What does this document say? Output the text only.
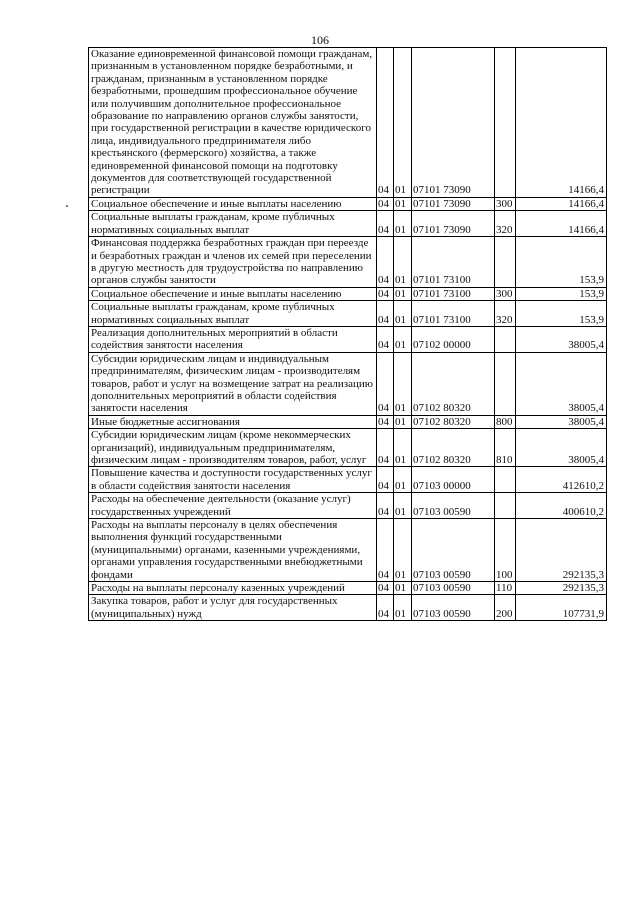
106
Оказание единовременной финансовой помощи гражданам, признанным в установленном порядке безработными, и гражданам, признанным в установленном порядке безработными, прошедшим профессиональное обучение или получившим дополнительное профессиональное образование по направлению органов службы занятости, при государственной регистрации в качестве юридического лица, индивидуального предпринимателя либо крестьянского (фермерского) хозяйства, а также единовременной финансовой помощи на подготовку документов для соответствующей государственной регистрации	04	01	07101 73090		14166,4
Социальное обеспечение и иные выплаты населению	04	01	07101 73090	300	14166,4
Социальные выплаты гражданам, кроме публичных нормативных социальных выплат	04	01	07101 73090	320	14166,4
Финансовая поддержка безработных граждан при переезде и безработных граждан и членов их семей при переселении в другую местность для трудоустройства по направлению органов службы занятости	04	01	07101 73100		153,9
Социальное обеспечение и иные выплаты населению	04	01	07101 73100	300	153,9
Социальные выплаты гражданам, кроме публичных нормативных социальных выплат	04	01	07101 73100	320	153,9
Реализация дополнительных мероприятий в области содействия занятости населения	04	01	07102 00000		38005,4
Субсидии юридическим лицам и индивидуальным предпринимателям, физическим лицам - производителям товаров, работ и услуг на возмещение затрат на реализацию дополнительных мероприятий в области содействия занятости населения	04	01	07102 80320		38005,4
Иные бюджетные ассигнования	04	01	07102 80320	800	38005,4
Субсидии юридическим лицам (кроме некоммерческих организаций), индивидуальным предпринимателям, физическим лицам - производителям товаров, работ, услуг	04	01	07102 80320	810	38005,4
Повышение качества и доступности государственных услуг в области содействия занятости населения	04	01	07103 00000		412610,2
Расходы на обеспечение деятельности (оказание услуг) государственных учреждений	04	01	07103 00590		400610,2
Расходы на выплаты персоналу в целях обеспечения выполнения функций государственными (муниципальными) органами, казенными учреждениями, органами управления государственными внебюджетными фондами	04	01	07103 00590	100	292135,3
Расходы на выплаты персоналу казенных учреждений	04	01	07103 00590	110	292135,3
Закупка товаров, работ и услуг для государственных (муниципальных) нужд	04	01	07103 00590	200	107731,9
